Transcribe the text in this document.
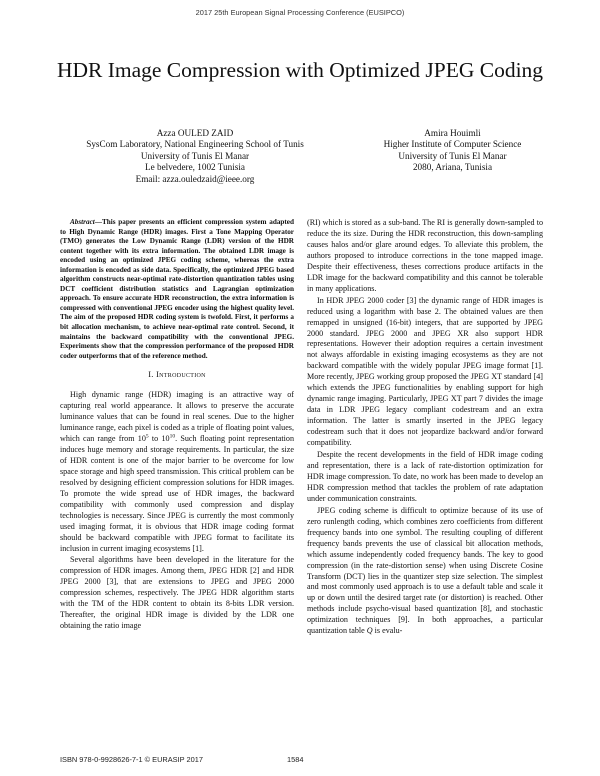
2017 25th European Signal Processing Conference (EUSIPCO)
HDR Image Compression with Optimized JPEG Coding
Azza OULED ZAID
SysCom Laboratory, National Engineering School of Tunis
University of Tunis El Manar
Le belvedere, 1002 Tunisia
Email: azza.ouledzaid@ieee.org
Amira Houimli
Higher Institute of Computer Science
University of Tunis El Manar
2080, Ariana, Tunisia

Abstract—This paper presents an efficient compression system adapted to High Dynamic Range (HDR) images. First a Tone Mapping Operator (TMO) generates the Low Dynamic Range (LDR) version of the HDR content together with its extra information. The obtained LDR image is encoded using an optimized JPEG coding scheme, whereas the extra information is encoded as side data. Specifically, the optimized JPEG based algorithm constructs near-optimal rate-distortion quantization tables using DCT coefficient distribution statistics and Lagrangian optimization approach. To ensure accurate HDR reconstruction, the extra information is compressed with conventional JPEG encoder using the highest quality level. The aim of the proposed HDR coding system is twofold. First, it performs a bit allocation mechanism, to achieve near-optimal rate control. Second, it maintains the backward compatibility with the conventional JPEG. Experiments show that the compression performance of the proposed HDR coder outperforms that of the reference method.

I. Introduction

High dynamic range (HDR) imaging is an attractive way of capturing real world appearance. It allows to preserve the accurate luminance values that can be found in real scenes. Due to the higher luminance range, each pixel is coded as a triple of floating point values, which can range from $10^5$ to $10^{10}$. Such floating point representation induces huge memory and storage requirements. In particular, the size of HDR content is one of the major barrier to be overcome for low space storage and high speed transmission. This critical problem can be resolved by designing efficient compression solutions for HDR images. To promote the wide spread use of HDR images, the backward compatibility with commonly used compression and display technologies is necessary. Since JPEG is currently the most commonly used imaging format, it is obvious that HDR image coding format should be backward compatible with JPEG format to facilitate its inclusion in current imaging ecosystems [1].

Several algorithms have been developed in the literature for the compression of HDR images. Among them, JPEG HDR [2] and HDR JPEG 2000 [3], that are extensions to JPEG and JPEG 2000 compression schemes, respectively. The JPEG HDR algorithm starts with the TM of the HDR content to obtain its 8-bits LDR version. Thereafter, the original HDR image is divided by the LDR one obtaining the ratio image

(RI) which is stored as a sub-band. The RI is generally down-sampled to reduce the its size. During the HDR reconstruction, this down-sampling causes halos and/or glare around edges. To alleviate this problem, the authors proposed to introduce corrections in the tone mapped image. Despite their effectiveness, theses corrections produce artifacts in the LDR image for the backward compatibility and this cannot be tolerable in many applications.

In HDR JPEG 2000 coder [3] the dynamic range of HDR images is reduced using a logarithm with base 2. The obtained values are then remapped in unsigned (16-bit) integers, that are supported by JPEG 2000 standard. JPEG 2000 and JPEG XR also support HDR representations. However their adoption requires a certain investment not always affordable in existing imaging ecosystems as they are not backward compatible with the widely popular JPEG image format [1]. More recently, JPEG working group proposed the JPEG XT standard [4] which extends the JPEG functionalities by enabling support for high dynamic range imaging. Particularly, JPEG XT part 7 divides the image data in LDR JPEG legacy compliant codestream and an extra information. The latter is smartly inserted in the JPEG legacy codestream such that it does not jeopardize backward and/or forward compatibility.

Despite the recent developments in the field of HDR image coding and representation, there is a lack of rate-distortion optimization for HDR image compression. To date, no work has been made to develop an HDR compression method that tackles the problem of rate adaptation under communication constraints.

JPEG coding scheme is difficult to optimize because of its use of zero runlength coding, which combines zero coefficients from different frequency bands into one symbol. The resulting coupling of different frequency bands prevents the use of classical bit allocation methods, which assume independently coded frequency bands. The key to good compression (in the rate-distortion sense) when using Discrete Cosine Transform (DCT) lies in the quantizer step size selection. The simplest and most commonly used approach is to use a default table and scale it up or down until the desired target rate (or distortion) is reached. Other methods include psycho-visual based quantization [8], and stochastic optimization techniques [9]. In both approaches, a particular quantization table Q is evalu-

ISBN 978-0-9928626-7-1 © EURASIP 2017	1584
